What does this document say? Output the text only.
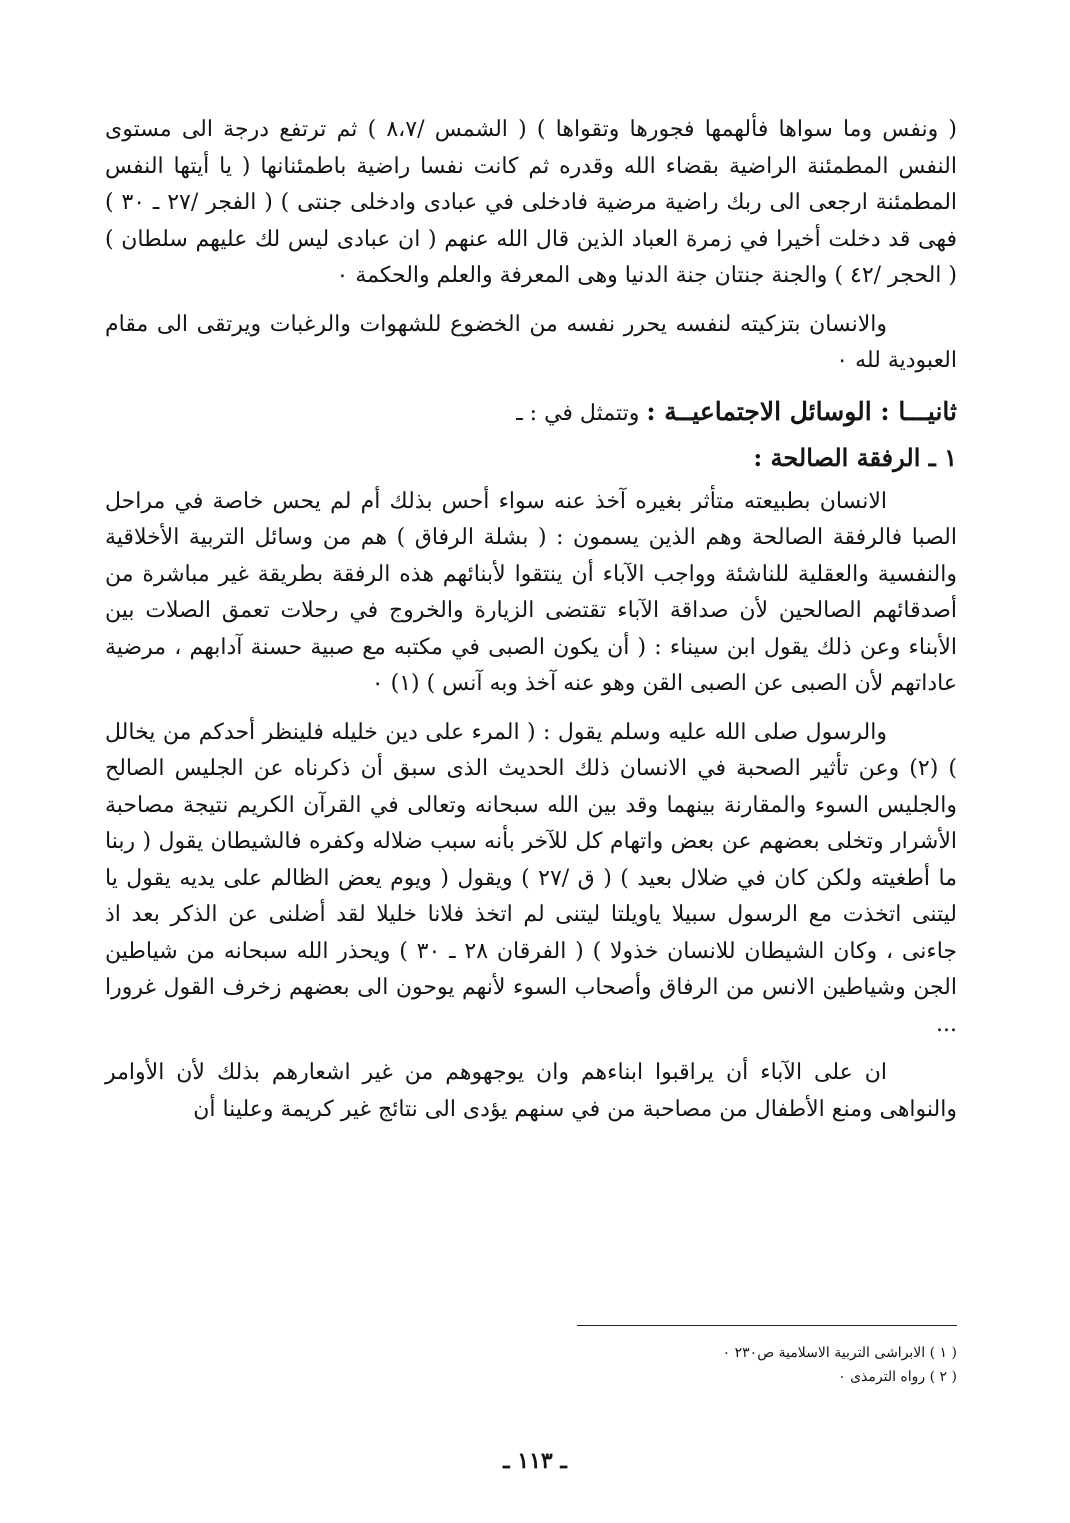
( ونفس وما سواها فألهمها فجورها وتقواها ) ( الشمس /٨،٧ ) ثم ترتفع درجة الى مستوى النفس المطمئنة الراضية بقضاء الله وقدره ثم كانت نفسا راضية باطمئنانها ( يا أيتها النفس المطمئنة ارجعى الى ربك راضية مرضية فادخلى في عبادى وادخلى جنتى ) ( الفجر /٢٧ ـ ٣٠ ) فهى قد دخلت أخيرا في زمرة العباد الذين قال الله عنهم ( ان عبادى ليس لك عليهم سلطان ) ( الحجر /٤٢ ) والجنة جنتان جنة الدنيا وهى المعرفة والعلم والحكمة ٠

والانسان بتزكيته لنفسه يحرر نفسه من الخضوع للشهوات والرغبات ويرتقى الى مقام العبودية لله ٠

ثانيـــا : الوسائل الاجتماعيــة : وتتمثل في : ـ
١ ـ الرفقة الصالحة :

الانسان بطبيعته متأثر بغيره آخذ عنه سواء أحس بذلك أم لم يحس خاصة في مراحل الصبا فالرفقة الصالحة وهم الذين يسمون : ( بشلة الرفاق ) هم من وسائل التربية الأخلاقية والنفسية والعقلية للناشئة وواجب الآباء أن ينتقوا لأبنائهم هذه الرفقة بطريقة غير مباشرة من أصدقائهم الصالحين لأن صداقة الآباء تقتضى الزيارة والخروج في رحلات تعمق الصلات بين الأبناء وعن ذلك يقول ابن سيناء : ( أن يكون الصبى في مكتبه مع صبية حسنة آدابهم ، مرضية عاداتهم لأن الصبى عن الصبى القن وهو عنه آخذ وبه آنس ) (١) ٠

والرسول صلى الله عليه وسلم يقول : ( المرء على دين خليله فلينظر أحدكم من يخالل ) (٢) وعن تأثير الصحبة في الانسان ذلك الحديث الذى سبق أن ذكرناه عن الجليس الصالح والجليس السوء والمقارنة بينهما وقد بين الله سبحانه وتعالى في القرآن الكريم نتيجة مصاحبة الأشرار وتخلى بعضهم عن بعض واتهام كل للآخر بأنه سبب ضلاله وكفره فالشيطان يقول ( ربنا ما أطغيته ولكن كان في ضلال بعيد ) ( ق /٢٧ ) ويقول ( ويوم يعض الظالم على يديه يقول يا ليتنى اتخذت مع الرسول سبيلا ياويلتا ليتنى لم اتخذ فلانا خليلا لقد أضلنى عن الذكر بعد اذ جاءنى ، وكان الشيطان للانسان خذولا ) ( الفرقان ٢٨ ـ ٣٠ ) ويحذر الله سبحانه من شياطين الجن وشياطين الانس من الرفاق وأصحاب السوء لأنهم يوحون الى بعضهم زخرف القول غرورا ...

ان على الآباء أن يراقبوا ابناءهم وان يوجهوهم من غير اشعارهم بذلك لأن الأوامر والنواهى ومنع الأطفال من مصاحبة من في سنهم يؤدى الى نتائج غير كريمة وعلينا أن

( ١ ) الابراشى التربية الاسلامية ص٢٣٠ ٠
( ٢ ) رواه الترمذى ٠
ـ ١١٣ ـ
